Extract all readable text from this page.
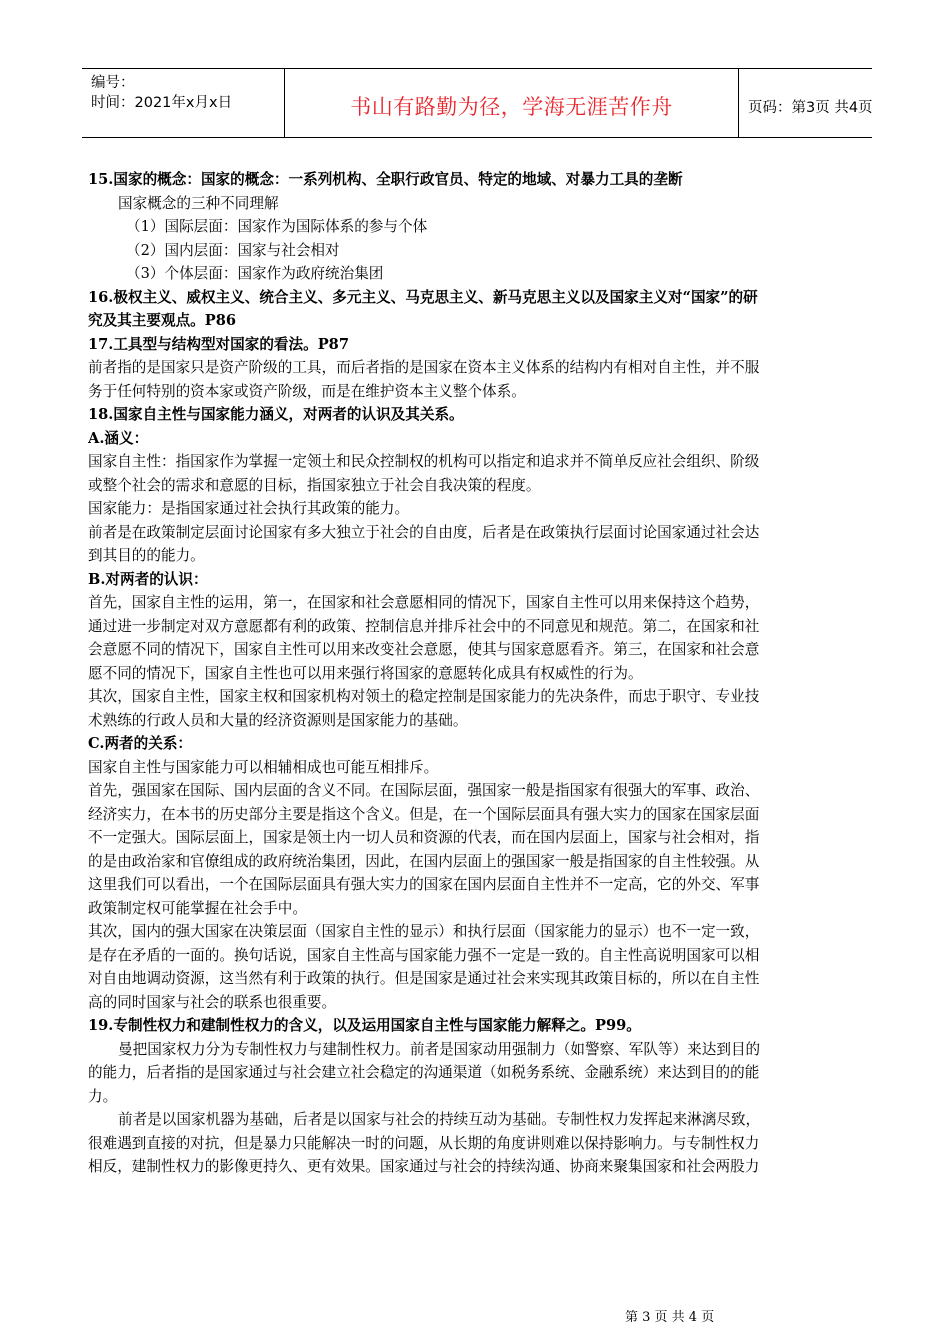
编号：
时间：2021年x月x日	书山有路勤为径，学海无涯苦作舟	页码：第3页 共4页
15.国家的概念：国家的概念：一系列机构、全职行政官员、特定的地域、对暴力工具的垄断
国家概念的三种不同理解
（1）国际层面：国家作为国际体系的参与个体
（2）国内层面：国家与社会相对
（3）个体层面：国家作为政府统治集团
16.极权主义、威权主义、统合主义、多元主义、马克思主义、新马克思主义以及国家主义对“国家”的研
究及其主要观点。P86
17.工具型与结构型对国家的看法。P87
前者指的是国家只是资产阶级的工具，而后者指的是国家在资本主义体系的结构内有相对自主性，并不服
务于任何特别的资本家或资产阶级，而是在维护资本主义整个体系。
18.国家自主性与国家能力涵义，对两者的认识及其关系。
A.涵义：
国家自主性：指国家作为掌握一定领土和民众控制权的机构可以指定和追求并不简单反应社会组织、阶级
或整个社会的需求和意愿的目标，指国家独立于社会自我决策的程度。
国家能力：是指国家通过社会执行其政策的能力。
前者是在政策制定层面讨论国家有多大独立于社会的自由度，后者是在政策执行层面讨论国家通过社会达
到其目的的能力。
B.对两者的认识：
首先，国家自主性的运用，第一，在国家和社会意愿相同的情况下，国家自主性可以用来保持这个趋势，
通过进一步制定对双方意愿都有利的政策、控制信息并排斥社会中的不同意见和规范。第二，在国家和社
会意愿不同的情况下，国家自主性可以用来改变社会意愿，使其与国家意愿看齐。第三，在国家和社会意
愿不同的情况下，国家自主性也可以用来强行将国家的意愿转化成具有权威性的行为。
其次，国家自主性，国家主权和国家机构对领土的稳定控制是国家能力的先决条件，而忠于职守、专业技
术熟练的行政人员和大量的经济资源则是国家能力的基础。
C.两者的关系：
国家自主性与国家能力可以相辅相成也可能互相排斥。
首先，强国家在国际、国内层面的含义不同。在国际层面，强国家一般是指国家有很强大的军事、政治、
经济实力，在本书的历史部分主要是指这个含义。但是，在一个国际层面具有强大实力的国家在国家层面
不一定强大。国际层面上，国家是领土内一切人员和资源的代表，而在国内层面上，国家与社会相对，指
的是由政治家和官僚组成的政府统治集团，因此，在国内层面上的强国家一般是指国家的自主性较强。从
这里我们可以看出，一个在国际层面具有强大实力的国家在国内层面自主性并不一定高，它的外交、军事
政策制定权可能掌握在社会手中。
其次，国内的强大国家在决策层面（国家自主性的显示）和执行层面（国家能力的显示）也不一定一致，
是存在矛盾的一面的。换句话说，国家自主性高与国家能力强不一定是一致的。自主性高说明国家可以相
对自由地调动资源，这当然有利于政策的执行。但是国家是通过社会来实现其政策目标的，所以在自主性
高的同时国家与社会的联系也很重要。
19.专制性权力和建制性权力的含义，以及运用国家自主性与国家能力解释之。P99。
曼把国家权力分为专制性权力与建制性权力。前者是国家动用强制力（如警察、军队等）来达到目的
的能力，后者指的是国家通过与社会建立社会稳定的沟通渠道（如税务系统、金融系统）来达到目的的能
力。
前者是以国家机器为基础，后者是以国家与社会的持续互动为基础。专制性权力发挥起来淋漓尽致，
很难遇到直接的对抗，但是暴力只能解决一时的问题，从长期的角度讲则难以保持影响力。与专制性权力
相反，建制性权力的影像更持久、更有效果。国家通过与社会的持续沟通、协商来聚集国家和社会两股力
第 3 页 共 4 页
